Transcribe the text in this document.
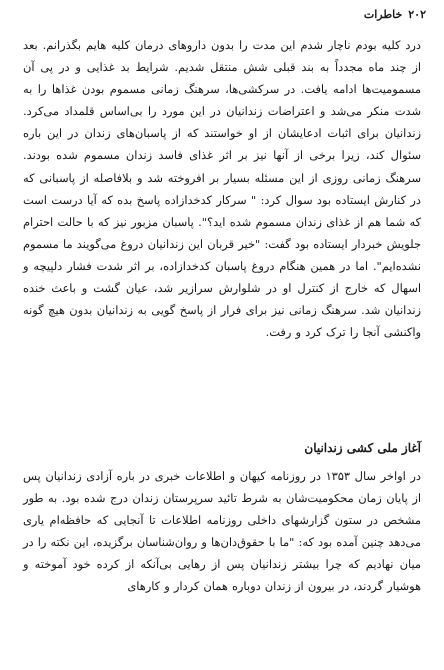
۲۰۲خاطرات

درد کلیه بودم ناچار شدم این مدت را بدون داروهای درمان کلیه هایم بگذرانم. بعد از چند ماه مجدداً به بند قبلی شش منتقل شدیم. شرایط بد غذایی و در پی آن مسمومیت‌ها ادامه یافت. در سرکشی‌ها، سرهنگ زمانی مسموم بودن غذاها را به شدت منکر می‌شد و اعتراضات زندانیان در این مورد را بی‌اساس قلمداد می‌کرد. زندانیان برای اثبات ادعایشان از او خواستند که از پاسبان‌های زندان در این باره سئوال کند، زیرا برخی از آنها نیز بر اثر غذای فاسد زندان مسموم شده بودند. سرهنگ زمانی روزی از این مسئله بسیار بر افروخته شد و بلافاصله از پاسبانی که در کنارش ایستاده بود سوال کرد: " سرکار کدخدازاده پاسخ بده که آیا درست است که شما هم از غذای زندان مسموم شده اید؟". پاسبان مزبور نیز که با حالت احترام جلویش خبردار ایستاده بود گفت: "خیر قربان این زندانیان دروغ می‌گویند ما مسموم نشده‌ایم". اما در همین هنگام دروغ پاسبان کدخدازاده، بر اثر شدت فشار دلپیچه و اسهال که خارج از کنترل او در شلوارش سرازیر شد، عیان گشت و باعث خنده زندانیان شد. سرهنگ زمانی نیز برای فرار از پاسخ گویی به زندانیان بدون هیچ گونه واکنشی آنجا را ترک کرد و رفت.

آغاز ملی کشی زندانیان

در اواخر سال ۱۳۵۳ در روزنامه کیهان و اطلاعات خبری در باره آزادی زندانیان پس از پایان زمان محکومیت‌شان به شرط تائید سرپرستان زندان درج شده بود. به طور مشخص در ستون گزارشهای داخلی روزنامه اطلاعات تا آنجایی که حافظه‌ام یاری می‌دهد چنین آمده بود که: "ما با حقوق‌دان‌ها و روان‌شناسان برگزیده، این نکته را در میان نهادیم که چرا بیشتر زندانیان پس از رهایی بی‌آنکه از کرده خود آموخته و هوشیار گردند، در بیرون از زندان دوباره همان کردار و کارهای
